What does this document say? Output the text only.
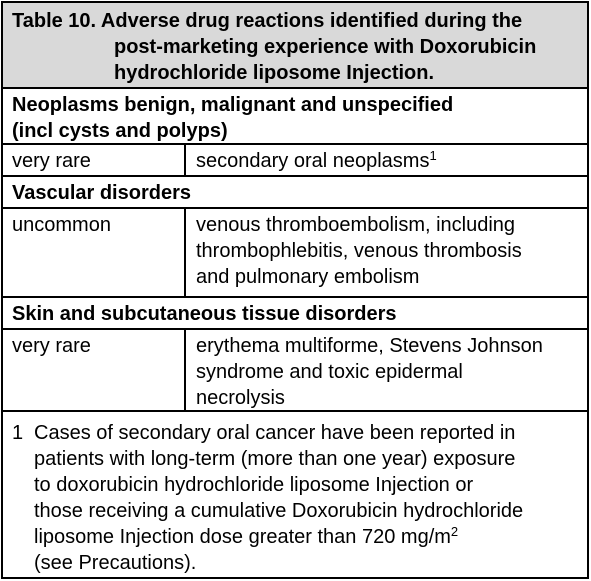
Table 10. Adverse drug reactions identified during the
post-marketing experience with Doxorubicin
hydrochloride liposome Injection.
Neoplasms benign, malignant and unspecified
(incl cysts and polyps)
very rare	secondary oral neoplasms$^1$
Vascular disorders
uncommon	venous thromboembolism, including
thrombophlebitis, venous thrombosis
and pulmonary embolism
Skin and subcutaneous tissue disorders
very rare	erythema multiforme, Stevens Johnson
syndrome and toxic epidermal
necrolysis
1 Cases of secondary oral cancer have been reported in
patients with long-term (more than one year) exposure
to doxorubicin hydrochloride liposome Injection or
those receiving a cumulative Doxorubicin hydrochloride
liposome Injection dose greater than 720 $mg/m^2$
(see Precautions).
